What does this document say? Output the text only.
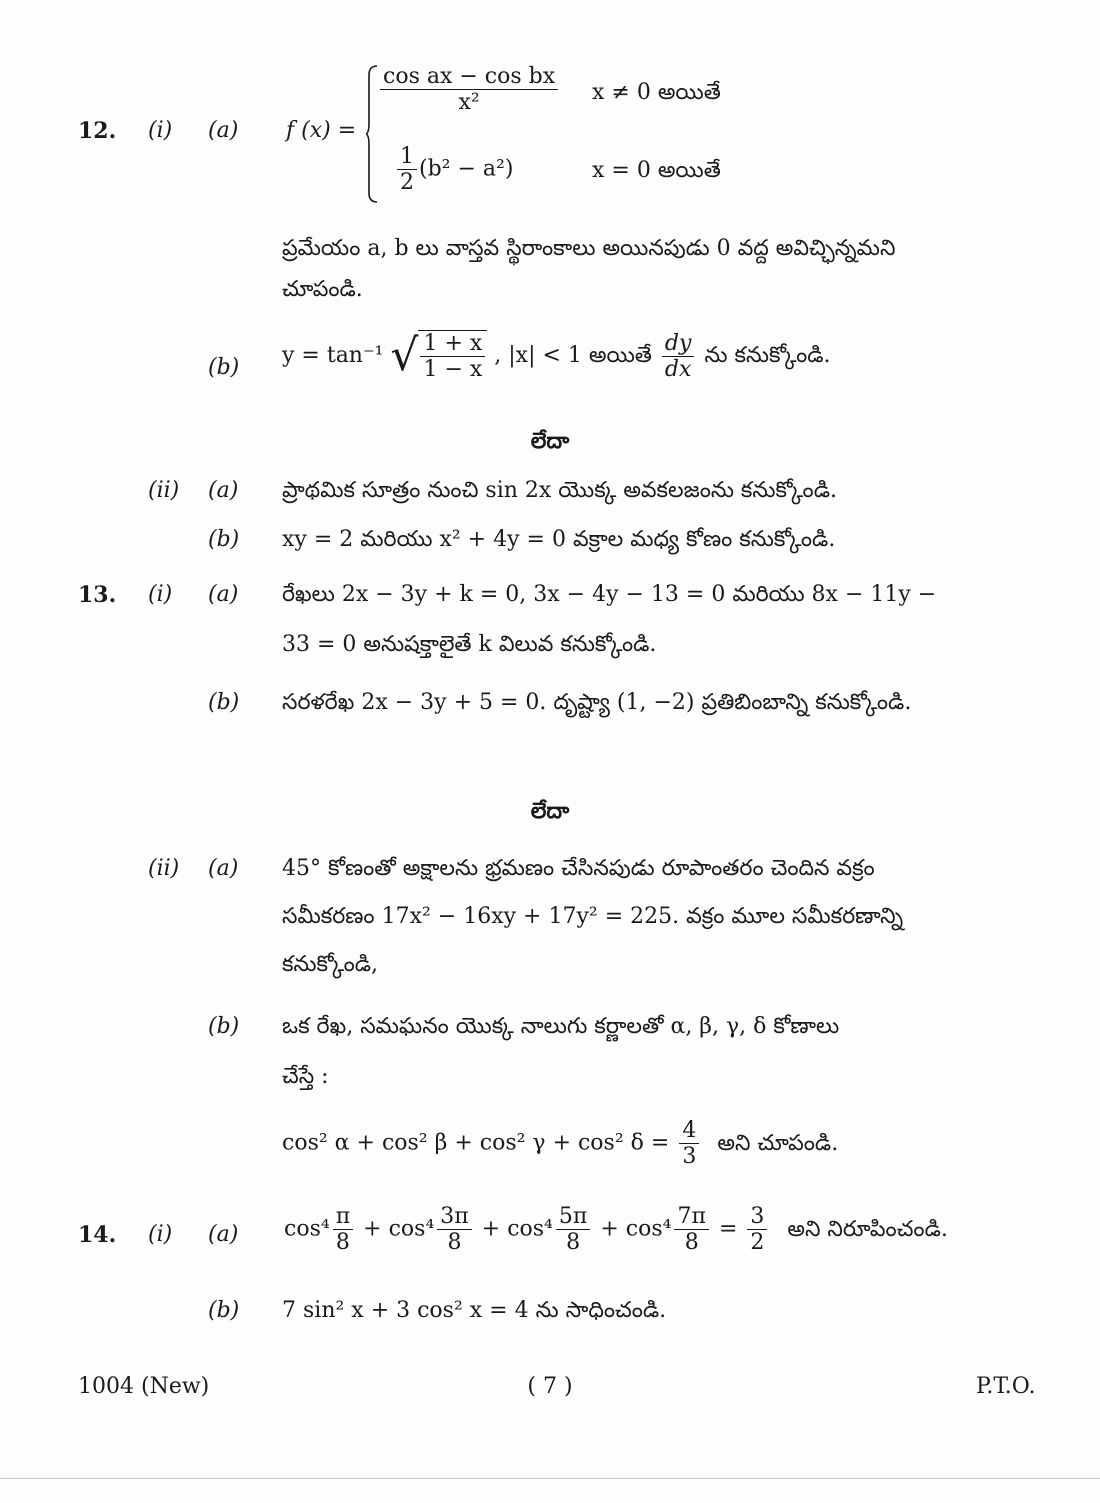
12. (i) (a) f (x) =
$\frac{\text{cos ax − cos bx}}{\text{x²}}$ x ≠ 0 అయితే
$\frac{1}{2} (b^2 - a^2)$	x = 0 అయితే
ప్రమేయం a, b లు వాస్తవ స్థిరాంకాలు అయినపుడు 0 వద్ద అవిచ్ఛిన్నమని
చూపండి.
(b) y = tan⁻¹ √ $\frac{1 + x}{1 - x}$ , |x| < 1 అయితే $\frac{dy}{dx}$ ను కనుక్కోండి.
లేదా
(ii) (a) ప్రాథమిక సూత్రం నుంచి sin 2x యొక్క అవకలజంను కనుక్కోండి.
(b) xy = 2 మరియు x² + 4y = 0 వక్రాల మధ్య కోణం కనుక్కోండి.
13. (i) (a) రేఖలు 2x − 3y + k = 0, 3x − 4y − 13 = 0 మరియు 8x − 11y −
33 = 0 అనుషక్తాలైతే k విలువ కనుక్కోండి.
(b) సరళరేఖ 2x − 3y + 5 = 0. దృష్ట్యా (1, −2) ప్రతిబింబాన్ని కనుక్కోండి.
లేదా
(ii) (a) 45° కోణంతో అక్షాలను భ్రమణం చేసినపుడు రూపాంతరం చెందిన వక్రం
సమీకరణం 17x² − 16xy + 17y² = 225. వక్రం మూల సమీకరణాన్ని
కనుక్కోండి,
(b) ఒక రేఖ, సమఘనం యొక్క నాలుగు కర్ణాలతో α, β, γ, δ కోణాలు
చేస్తే :
cos² α + cos² β + cos² γ + cos² $\delta = \frac{4}{3}$ అని చూపండి.
14. (i) (a) $\cos^4 \frac{\pi}{8} + \cos^4 \frac{3\pi}{8} + \cos^4 \frac{5\pi}{8} + \cos^4 \frac{7\pi}{8} = \frac{3}{2}$ అని నిరూపించండి.
(b) 7 sin² x + 3 cos² x = 4 ను సాధించండి.
1004 (New)	( 7 )	P.T.O.
